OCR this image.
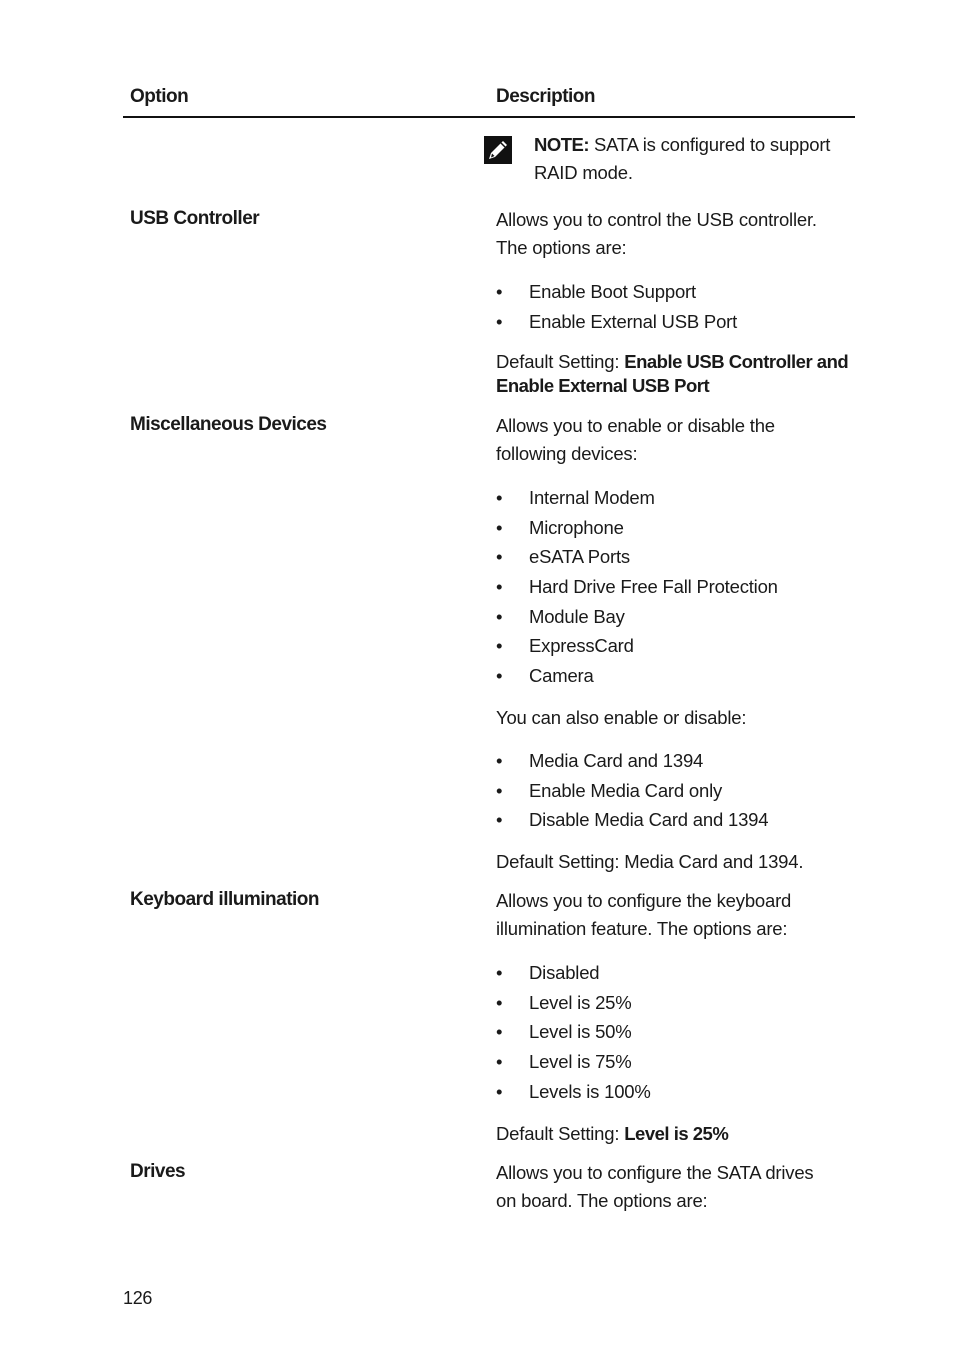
Option	Description
NOTE: SATA is configured to support
RAID mode.
USB Controller	Allows you to control the USB controller.
The options are:
• Enable Boot Support
• Enable External USB Port
Default Setting: Enable USB Controller and
Enable External USB Port
Miscellaneous Devices	Allows you to enable or disable the
following devices:
• Internal Modem
• Microphone
• eSATA Ports
• Hard Drive Free Fall Protection
• Module Bay
• ExpressCard
• Camera
You can also enable or disable:
• Media Card and 1394
• Enable Media Card only
• Disable Media Card and 1394
Default Setting: Media Card and 1394.
Keyboard illumination	Allows you to configure the keyboard
illumination feature. The options are:
• Disabled
• Level is 25%
• Level is 50%
• Level is 75%
• Levels is 100%
Default Setting: Level is 25%
Drives	Allows you to configure the SATA drives
on board. The options are:
126
